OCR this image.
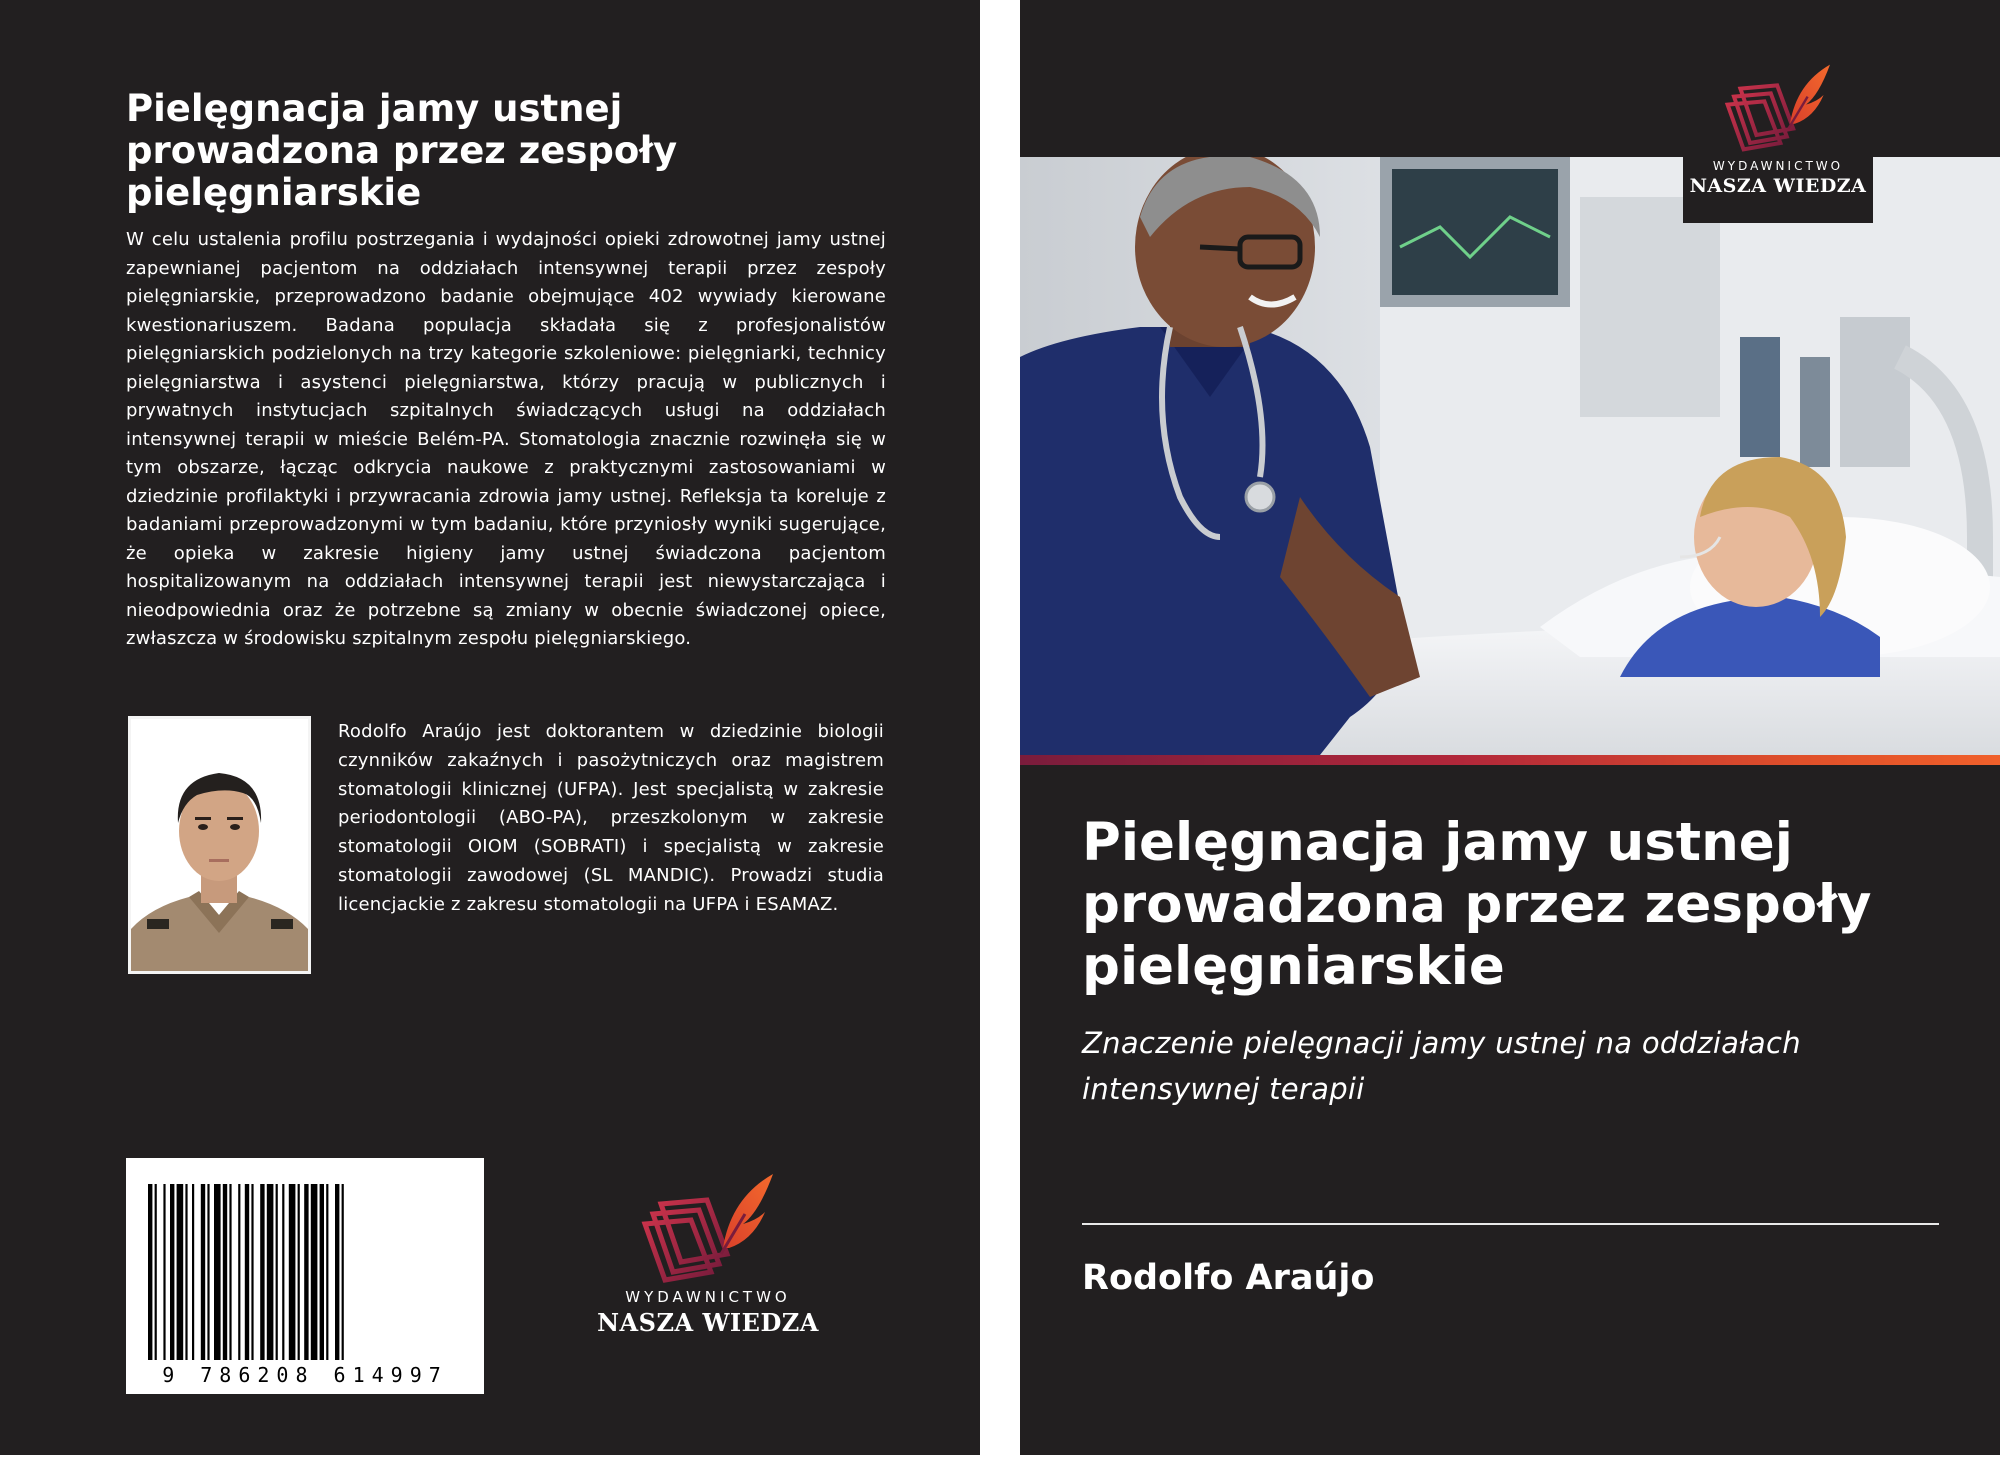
Pielęgnacja jamy ustnej prowadzona przez zespoły pielęgniarskie
W celu ustalenia profilu postrzegania i wydajności opieki zdrowotnej jamy ustnej zapewnianej pacjentom na oddziałach intensywnej terapii przez zespoły pielęgniarskie, przeprowadzono badanie obejmujące 402 wywiady kierowane kwestionariuszem. Badana populacja składała się z profesjonalistów pielęgniarskich podzielonych na trzy kategorie szkoleniowe: pielęgniarki, technicy pielęgniarstwa i asystenci pielęgniarstwa, którzy pracują w publicznych i prywatnych instytucjach szpitalnych świadczących usługi na oddziałach intensywnej terapii w mieście Belém-PA. Stomatologia znacznie rozwinęła się w tym obszarze, łącząc odkrycia naukowe z praktycznymi zastosowaniami w dziedzinie profilaktyki i przywracania zdrowia jamy ustnej. Refleksja ta koreluje z badaniami przeprowadzonymi w tym badaniu, które przyniosły wyniki sugerujące, że opieka w zakresie higieny jamy ustnej świadczona pacjentom hospitalizowanym na oddziałach intensywnej terapii jest niewystarczająca i nieodpowiednia oraz że potrzebne są zmiany w obecnie świadczonej opiece, zwłaszcza w środowisku szpitalnym zespołu pielęgniarskiego.
Rodolfo Araújo jest doktorantem w dziedzinie biologii czynników zakaźnych i pasożytniczych oraz magistrem stomatologii klinicznej (UFPA). Jest specjalistą w zakresie periodontologii (ABO-PA), przeszkolonym w zakresie stomatologii OIOM (SOBRATI) i specjalistą w zakresie stomatologii zawodowej (SL MANDIC). Prowadzi studia licencjackie z zakresu stomatologii na UFPA i ESAMAZ.
9 786208 614997
WYDAWNICTWO
NASZA WIEDZA
WYDAWNICTWO
NASZA WIEDZA
Pielęgnacja jamy ustnej prowadzona przez zespoły pielęgniarskie
Znaczenie pielęgnacji jamy ustnej na oddziałach intensywnej terapii
Rodolfo Araújo
